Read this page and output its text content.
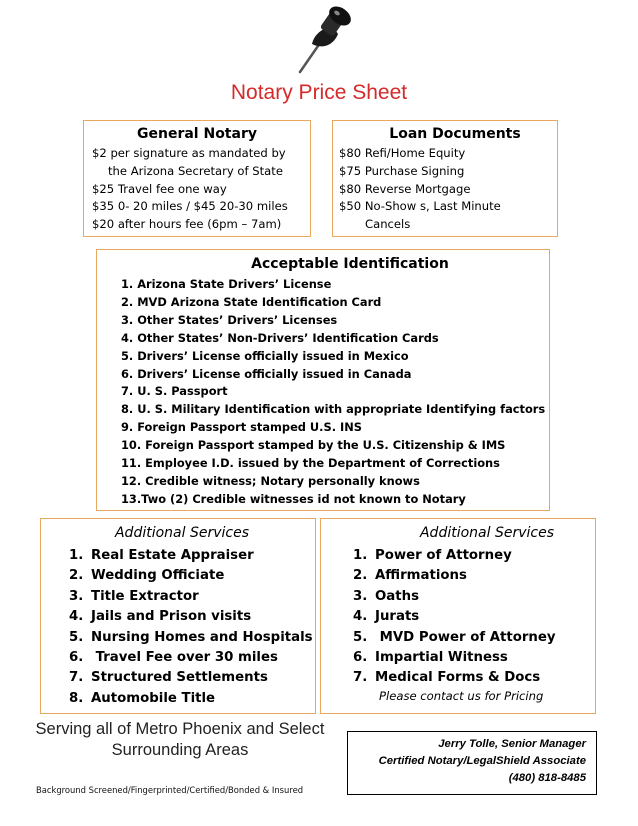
Notary Price Sheet
General Notary
$2 per signature as mandated by
the Arizona Secretary of State
$25 Travel fee one way
$35 0- 20 miles / $45 20-30 miles
$20 after hours fee (6pm – 7am)
Loan Documents
$80 Refi/Home Equity
$75 Purchase Signing
$80 Reverse Mortgage
$50 No-Show s, Last Minute
Cancels
Acceptable Identification
1. Arizona State Drivers’ License
2. MVD Arizona State Identification Card
3. Other States’ Drivers’ Licenses
4. Other States’ Non-Drivers’ Identification Cards
5. Drivers’ License officially issued in Mexico
6. Drivers’ License officially issued in Canada
7. U. S. Passport
8. U. S. Military Identification with appropriate Identifying factors
9. Foreign Passport stamped U.S. INS
10. Foreign Passport stamped by the U.S. Citizenship & IMS
11. Employee I.D. issued by the Department of Corrections
12. Credible witness; Notary personally knows
13.Two (2) Credible witnesses id not known to Notary
Additional Services
1. Real Estate Appraiser
2. Wedding Officiate
3. Title Extractor
4. Jails and Prison visits
5. Nursing Homes and Hospitals
6. Travel Fee over 30 miles
7. Structured Settlements
8. Automobile Title
Additional Services
1. Power of Attorney
2. Affirmations
3. Oaths
4. Jurats
5. MVD Power of Attorney
6. Impartial Witness
7. Medical Forms & Docs
Please contact us for Pricing
Serving all of Metro Phoenix and Select
Surrounding Areas
Background Screened/Fingerprinted/Certified/Bonded & Insured
Jerry Tolle, Senior Manager
Certified Notary/LegalShield Associate
(480) 818-8485
